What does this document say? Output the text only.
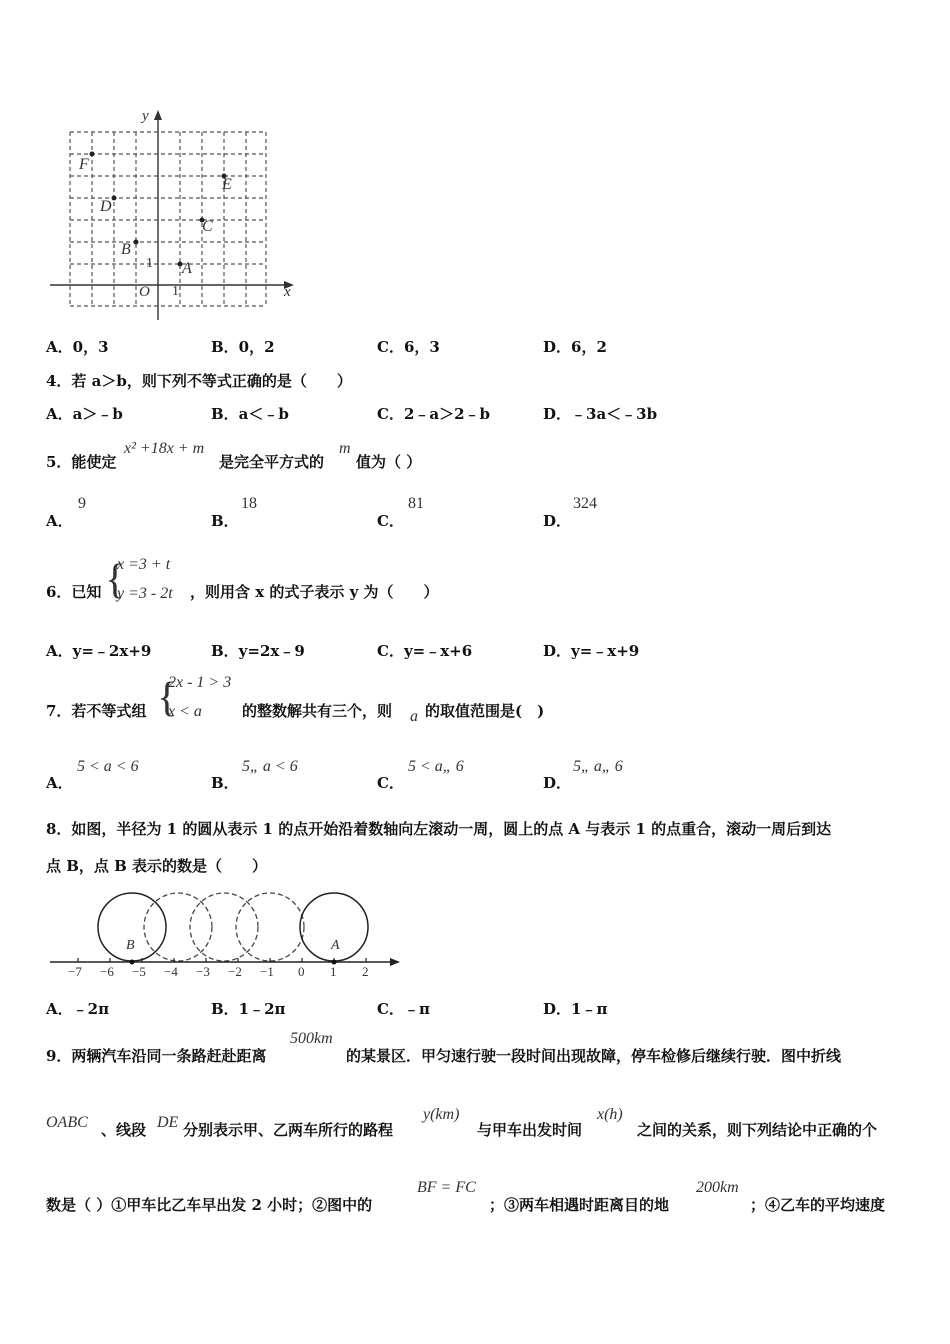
y
x
O 1
1
F
E
D
C
B
A
A．0，3	B．0，2	C．6，3	D．6，2
4．若 a＞b，则下列不等式正确的是（　　）
A．a＞﹣b	B．a＜﹣b	C．2﹣a＞2﹣b	D．﹣3a＜﹣3b
5．能使定
x² +18x + m
是完全平方式的
m
值为（ ）
A．
9
B．
18
C．
81
D．
324
6．已知 {
x =3 + t
y =3 - 2t ，则用含 x 的式子表示 y 为（　　）
A．y=﹣2x+9	B．y=2x﹣9	C．y=﹣x+6	D．y=﹣x+9
7．若不等式组 {
2x - 1 > 3
x < a	的整数解共有三个，则 a 的取值范围是(　)
A．
5 < a < 6
B．
5„ a < 6
C．
5 < a„ 6
D．
5„ a„ 6
8．如图，半径为 1 的圆从表示 1 的点开始沿着数轴向左滚动一周，圆上的点 A 与表示 1 的点重合，滚动一周后到达
点 B，点 B 表示的数是（　　）
B	A
−7 −6 −5 −4 −3 −2 −1 0 1 2
A．﹣2π	B．1﹣2π	C．﹣π	D．1﹣π
9．两辆汽车沿同一条路赶赴距离
500km
的某景区．甲匀速行驶一段时间出现故障，停车检修后继续行驶．图中折线
OABC 、线段 DE 分别表示甲、乙两车所行的路程
y(km)
与甲车出发时间
x(h)
之间的关系，则下列结论中正确的个
数是（ ）①甲车比乙车早出发 2 小时；②图中的
BF = FC
；③两车相遇时距离目的地
200km
；④乙车的平均速度
